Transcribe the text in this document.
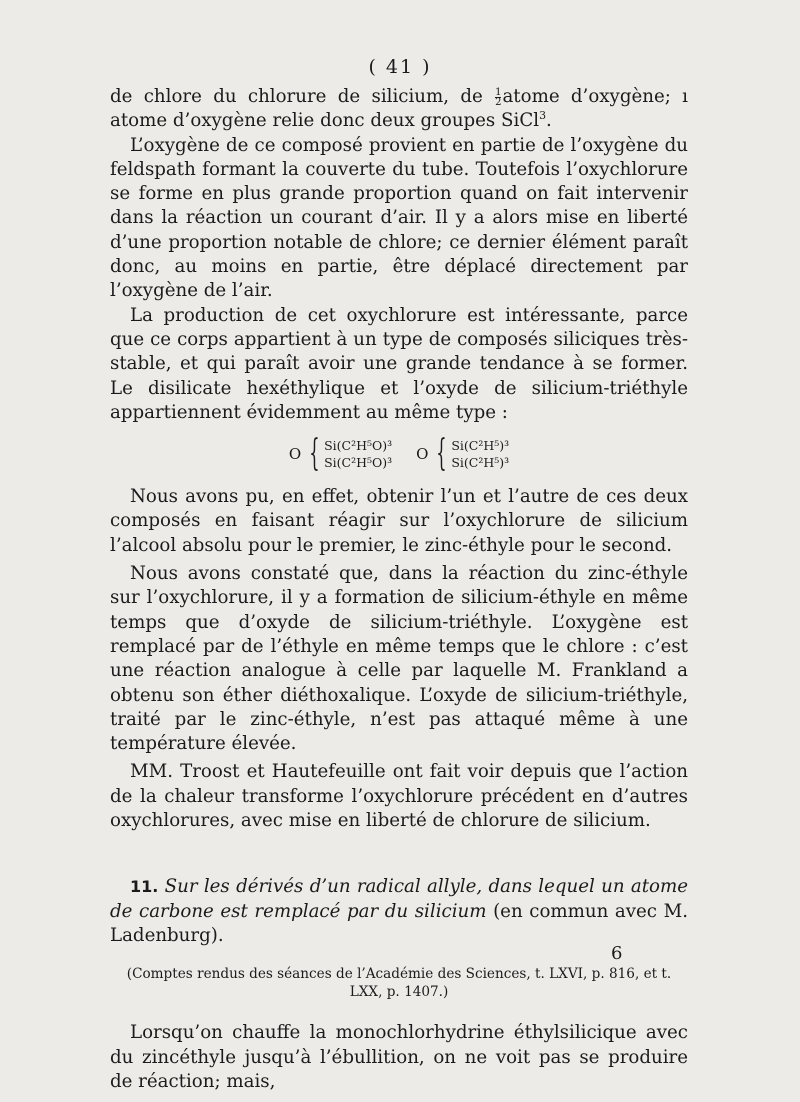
( 41 )

de chlore du chlorure de silicium, de $\frac{1}{2}$ atome d’oxygène; ı atome d’oxygène relie donc deux groupes SiCl$^3$.

L’oxygène de ce composé provient en partie de l’oxygène du feldspath formant la couverte du tube. Toutefois l’oxychlorure se forme en plus grande proportion quand on fait intervenir dans la réaction un courant d’air. Il y a alors mise en liberté d’une proportion notable de chlore; ce dernier élément paraît donc, au moins en partie, être déplacé directement par l’oxygène de l’air.

La production de cet oxychlorure est intéressante, parce que ce corps appartient à un type de composés siliciques très-stable, et qui paraît avoir une grande tendance à se former. Le disilicate hexéthylique et l’oxyde de silicium-triéthyle appartiennent évidemment au même type :

O { Si(C²H⁵O)³
Si(C²H⁵O)³ O { Si(C²H⁵)³
Si(C²H⁵)³

Nous avons pu, en effet, obtenir l’un et l’autre de ces deux composés en faisant réagir sur l’oxychlorure de silicium l’alcool absolu pour le premier, le zinc-éthyle pour le second.

Nous avons constaté que, dans la réaction du zinc-éthyle sur l’oxychlorure, il y a formation de silicium-éthyle en même temps que d’oxyde de silicium-triéthyle. L’oxygène est remplacé par de l’éthyle en même temps que le chlore : c’est une réaction analogue à celle par laquelle M. Frankland a obtenu son éther diéthoxalique. L’oxyde de silicium-triéthyle, traité par le zinc-éthyle, n’est pas attaqué même à une température élevée.

MM. Troost et Hautefeuille ont fait voir depuis que l’action de la chaleur transforme l’oxychlorure précédent en d’autres oxychlorures, avec mise en liberté de chlorure de silicium.

11. Sur les dérivés d’un radical allyle, dans lequel un atome de carbone est remplacé par du silicium (en commun avec M. Ladenburg).

(Comptes rendus des séances de l’Académie des Sciences, t. LXVI, p. 816, et t. LXX, p. 1407.)

Lorsqu’on chauffe la monochlorhydrine éthylsilicique avec du zincéthyle jusqu’à l’ébullition, on ne voit pas se produire de réaction; mais,

6
